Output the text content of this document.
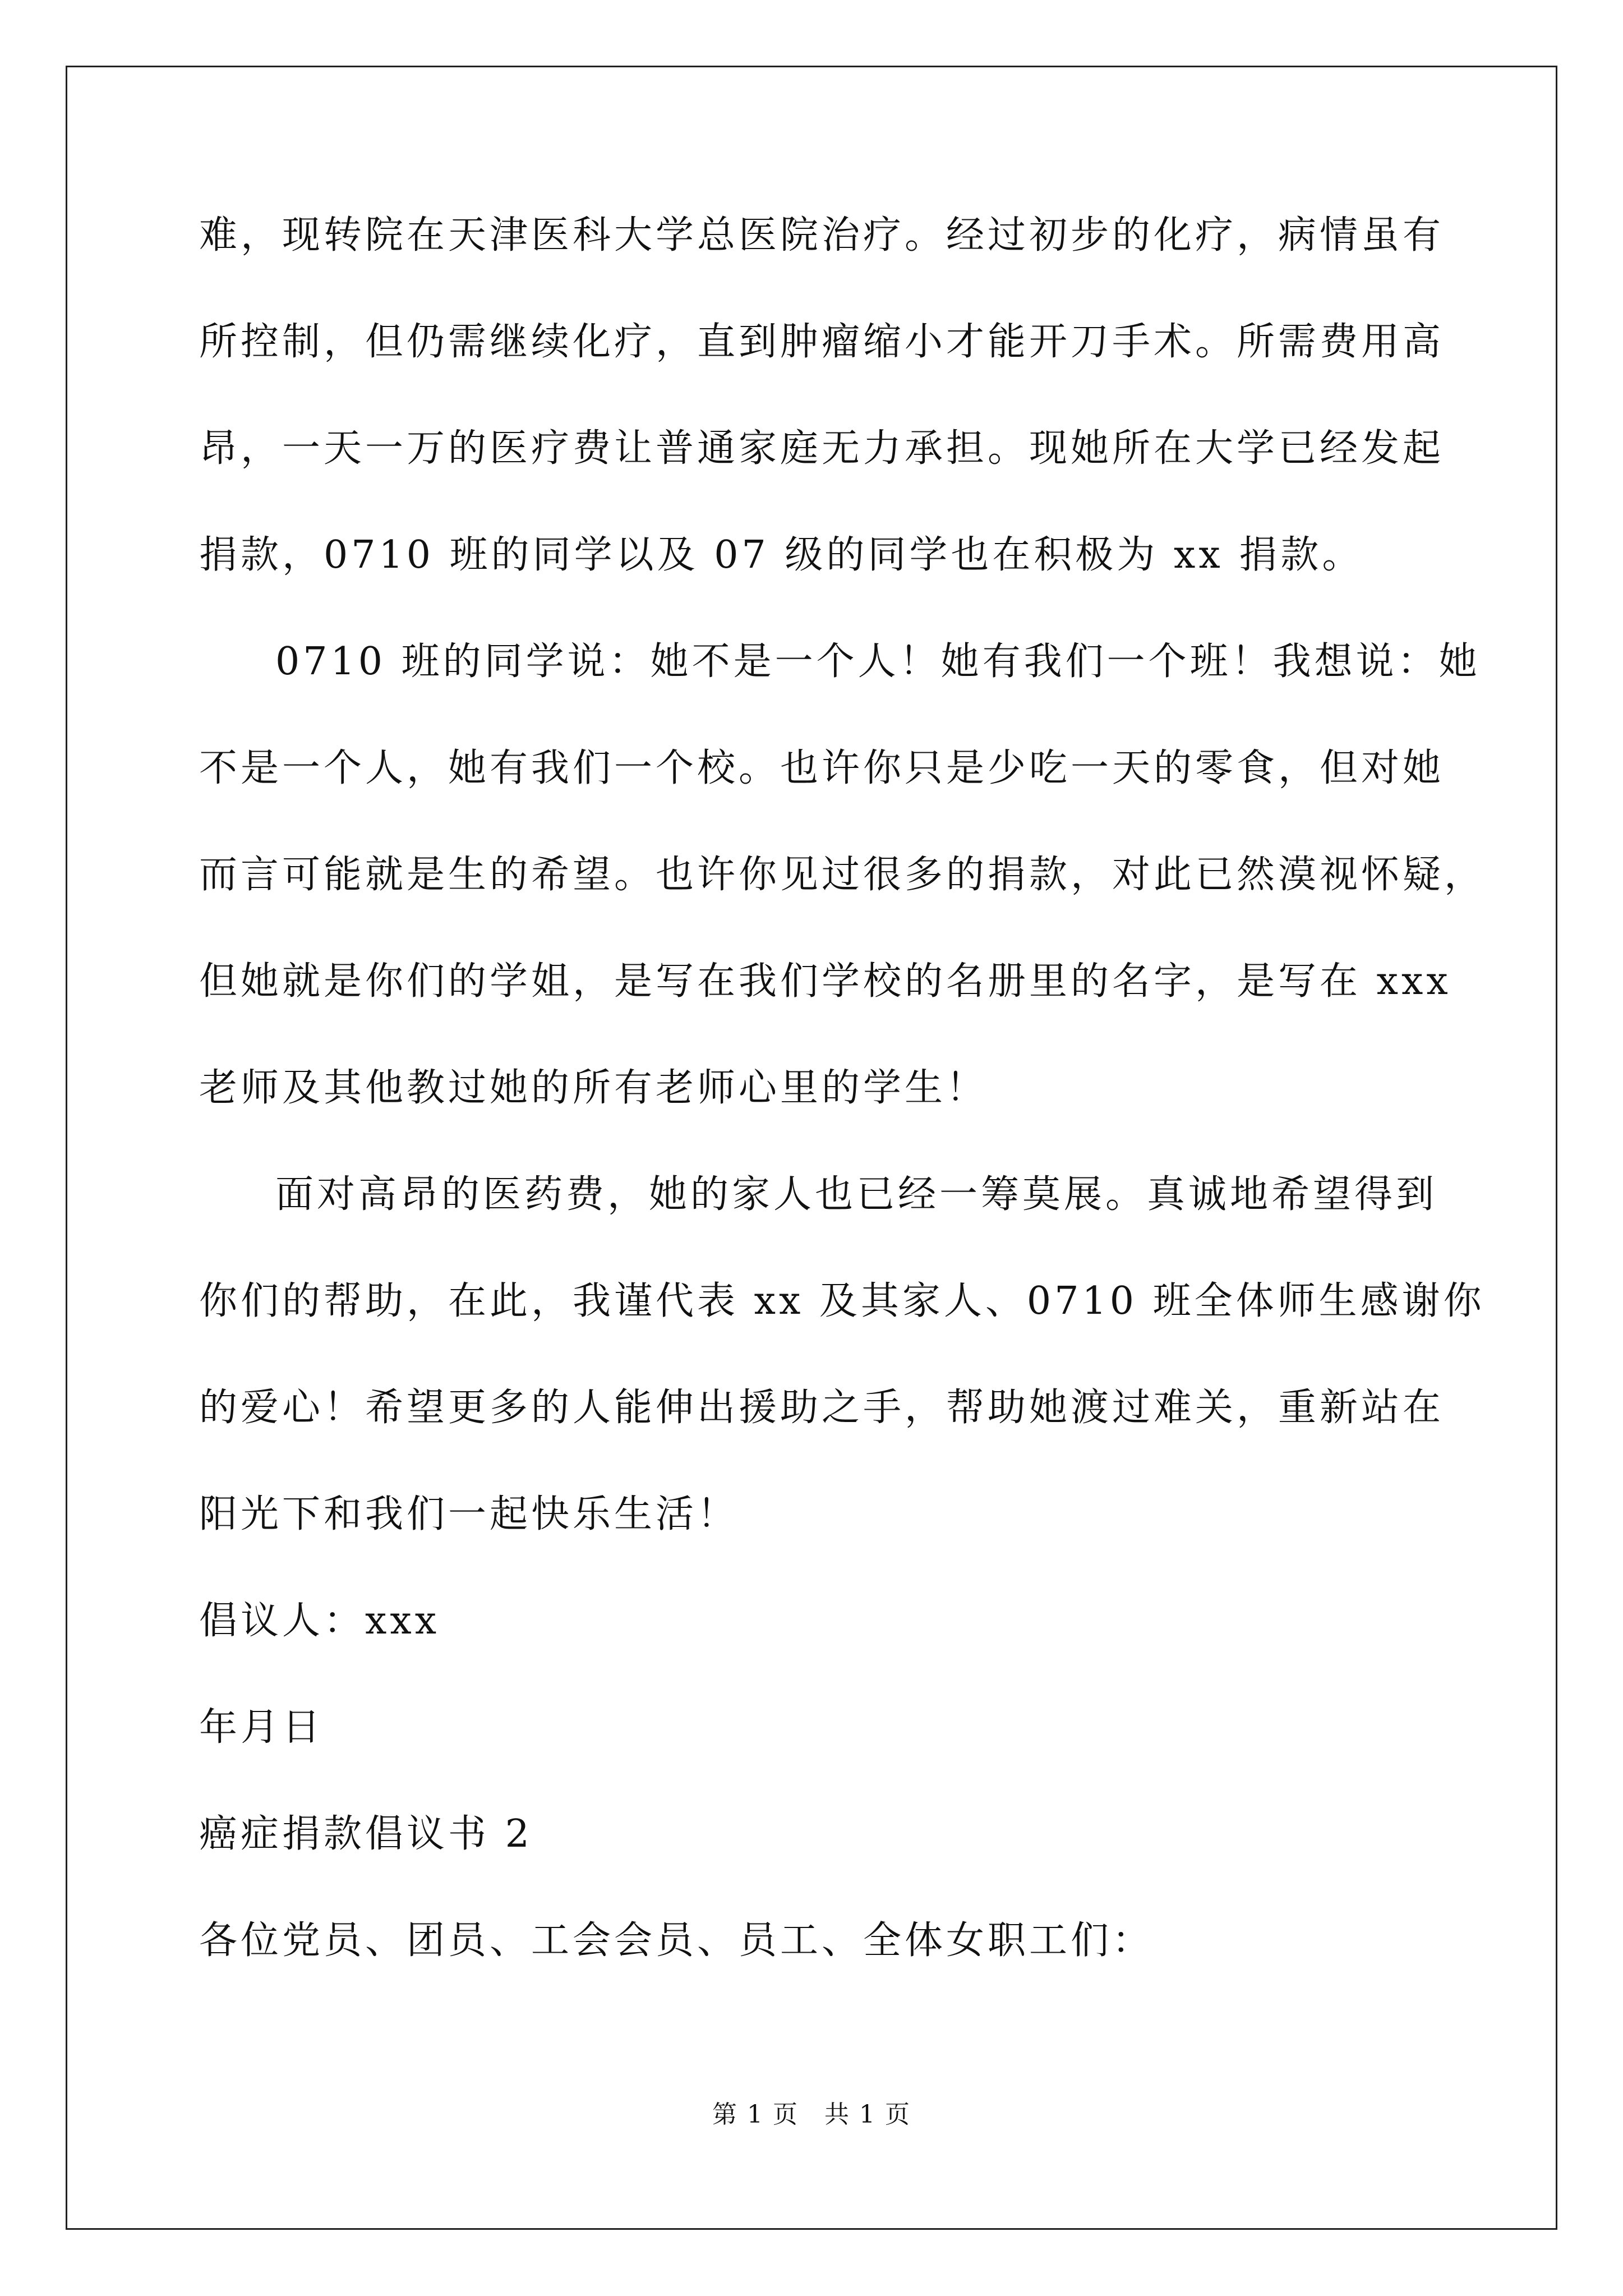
难，现转院在天津医科大学总医院治疗。经过初步的化疗，病情虽有
所控制，但仍需继续化疗，直到肿瘤缩小才能开刀手术。所需费用高
昂，一天一万的医疗费让普通家庭无力承担。现她所在大学已经发起
捐款，0710 班的同学以及 07 级的同学也在积极为 xx 捐款。
0710 班的同学说：她不是一个人！她有我们一个班！我想说：她
不是一个人，她有我们一个校。也许你只是少吃一天的零食，但对她
而言可能就是生的希望。也许你见过很多的捐款，对此已然漠视怀疑，
但她就是你们的学姐，是写在我们学校的名册里的名字，是写在 xxx
老师及其他教过她的所有老师心里的学生！
面对高昂的医药费，她的家人也已经一筹莫展。真诚地希望得到
你们的帮助，在此，我谨代表 xx 及其家人、0710 班全体师生感谢你
的爱心！希望更多的人能伸出援助之手，帮助她渡过难关，重新站在
阳光下和我们一起快乐生活！
倡议人：xxx
年月日
癌症捐款倡议书 2
各位党员、团员、工会会员、员工、全体女职工们：
第 1 页　共 1 页
